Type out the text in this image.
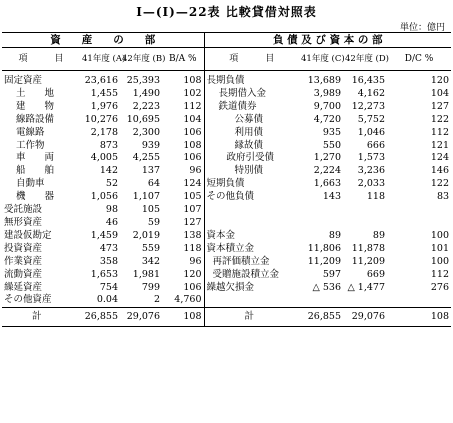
Ⅰ—(Ⅰ)—22表 比較貸借対照表
単位：億円
資　　産　　の　　部				負 債 及 び 資 本 の 部			
項　　　目	41年度 (A)	42年度 (B)	B/A %	項　　　目	41年度 (C)	42年度 (D)	D/C %
固定資産	23,616	25,393	108	長期負債	13,689	16,435	120
土　　地	1,455	1,490	102	長期借入金	3,989	4,162	104
建　　物	1,976	2,223	112	鉄道債券	9,700	12,273	127
線路設備	10,276	10,695	104	公募債	4,720	5,752	122
電線路	2,178	2,300	106	利用債	935	1,046	112
工作物	873	939	108	縁故債	550	666	121
車　　両	4,005	4,255	106	政府引受債	1,270	1,573	124
船　　舶	142	137	96	特別債	2,224	3,236	146
自動車	52	64	124	短期負債	1,663	2,033	122
機　　器	1,056	1,107	105	その他負債	143	118	83
受託施設	98	105	107				
無形資産	46	59	127				
建設仮勘定	1,459	2,019	138	資本金	89	89	100
投資資産	473	559	118	資本積立金	11,806	11,878	101
作業資産	358	342	96	再評価積立金	11,209	11,209	100
流動資産	1,653	1,981	120	受贈施設積立金	597	669	112
繰延資産	754	799	106	繰越欠損金	△ 536	△ 1,477	276
その他資産	0.04	2	4,760				
計	26,855	29,076	108	計	26,855	29,076	108
